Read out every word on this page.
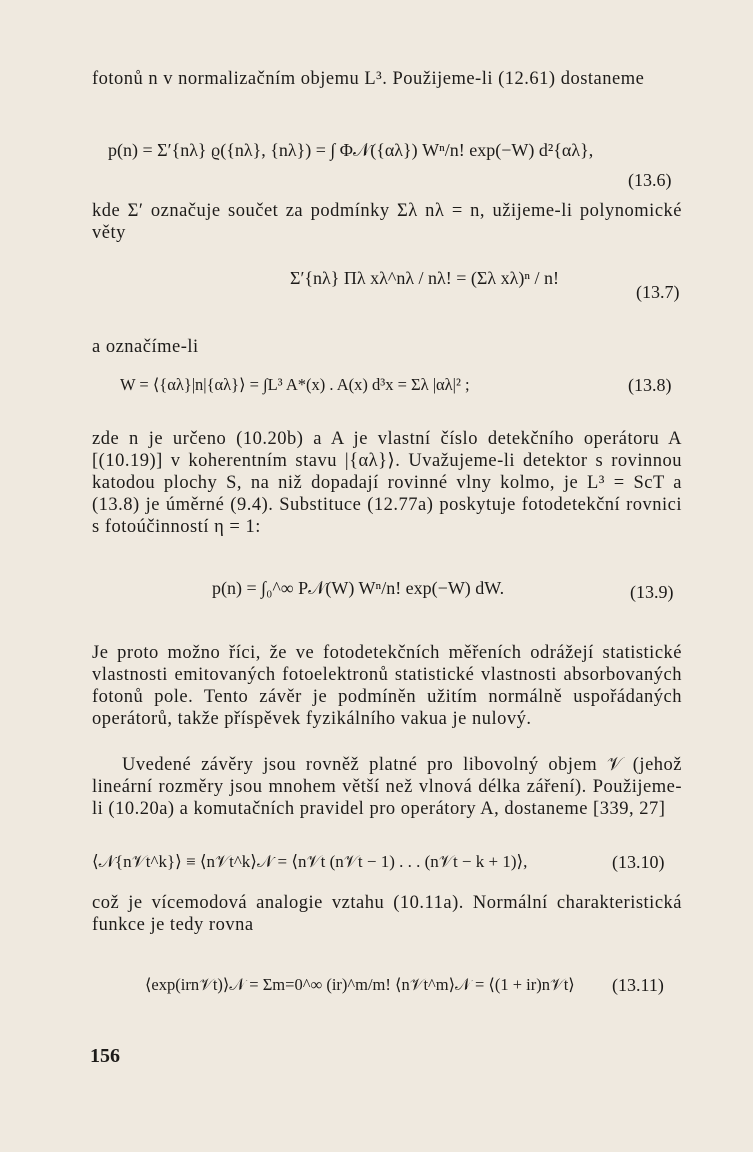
fotonů n v normalizačním objemu L³. Použijeme-li (12.61) dostaneme
p(n) = Σ′{nλ} ϱ({nλ}, {nλ}) = ∫ Φ𝒩({αλ}) Wⁿ/n! exp(−W) d²{αλ},
(13.6)
kde Σ′ označuje součet za podmínky Σλ nλ = n, užijeme-li polynomické věty
Σ′{nλ} Πλ xλ^nλ / nλ! = (Σλ xλ)ⁿ / n!
(13.7)
a označíme-li
W = ⟨{αλ}|n|{αλ}⟩ = ∫L³ A*(x) . A(x) d³x = Σλ |αλ|² ;	(13.8)
zde n je určeno (10.20b) a A je vlastní číslo detekčního operátoru A [(10.19)] v koherentním stavu |{αλ}⟩. Uvažujeme-li detektor s rovinnou katodou plochy S, na niž dopadají rovinné vlny kolmo, je L³ = ScT a (13.8) je úměrné (9.4). Substituce (12.77a) poskytuje fotodetekční rovnici s fotoúčinností η = 1:
p(n) = ∫₀^∞ P𝒩(W) Wⁿ/n! exp(−W) dW.	(13.9)
Je proto možno říci, že ve fotodetekčních měřeních odrážejí statistické vlastnosti emitovaných fotoelektronů statistické vlastnosti absorbovaných fotonů pole. Tento závěr je podmíněn užitím normálně uspořádaných operátorů, takže příspěvek fyzikálního vakua je nulový.
Uvedené závěry jsou rovněž platné pro libovolný objem 𝒱 (jehož lineární rozměry jsou mnohem větší než vlnová délka záření). Použijeme-li (10.20a) a komutačních pravidel pro operátory A, dostaneme [339, 27]
⟨𝒩{n𝒱t^k}⟩ ≡ ⟨n𝒱t^k⟩𝒩 = ⟨n𝒱t (n𝒱t − 1) . . . (n𝒱t − k + 1)⟩,	(13.10)
což je vícemodová analogie vztahu (10.11a). Normální charakteristická funkce je tedy rovna
⟨exp(irn𝒱t)⟩𝒩 = Σm=0^∞ (ir)^m/m! ⟨n𝒱t^m⟩𝒩 = ⟨(1 + ir)n𝒱t⟩ (13.11)
156
